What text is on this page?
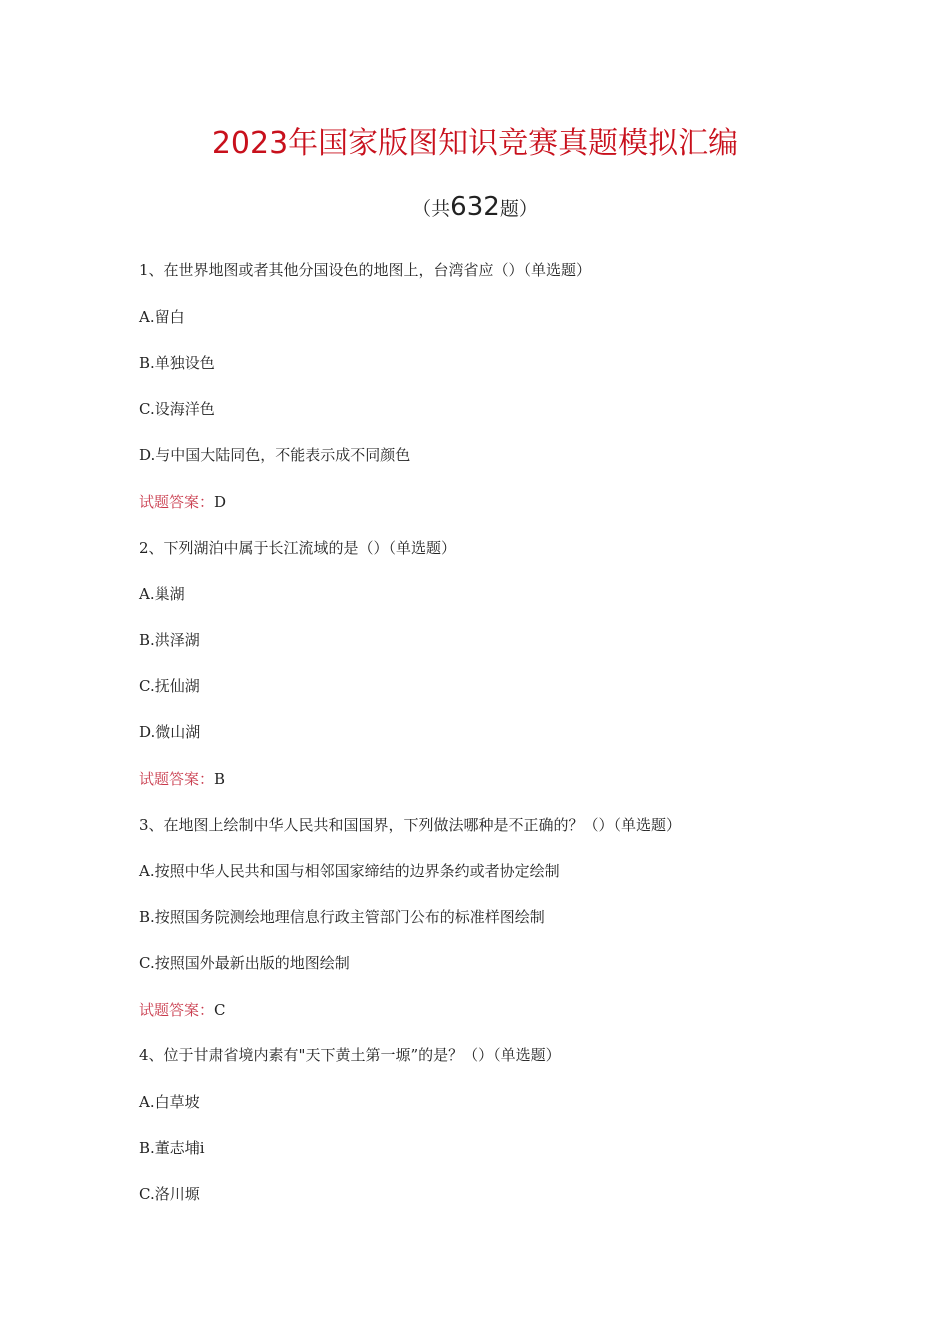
2023年国家版图知识竞赛真题模拟汇编
（共632题）
1、在世界地图或者其他分国设色的地图上，台湾省应（）（单选题）
A.留白
B.单独设色
C.设海洋色
D.与中国大陆同色，不能表示成不同颜色
试题答案：D
2、下列湖泊中属于长江流域的是（）（单选题）
A.巢湖
B.洪泽湖
C.抚仙湖
D.微山湖
试题答案：B
3、在地图上绘制中华人民共和国国界，下列做法哪种是不正确的？（）（单选题）
A.按照中华人民共和国与相邻国家缔结的边界条约或者协定绘制
B.按照国务院测绘地理信息行政主管部门公布的标准样图绘制
C.按照国外最新出版的地图绘制
试题答案：C
4、位于甘肃省境内素有"天下黄土第一塬”的是？（）（单选题）
A.白草坡
B.董志埔i
C.洛川塬
